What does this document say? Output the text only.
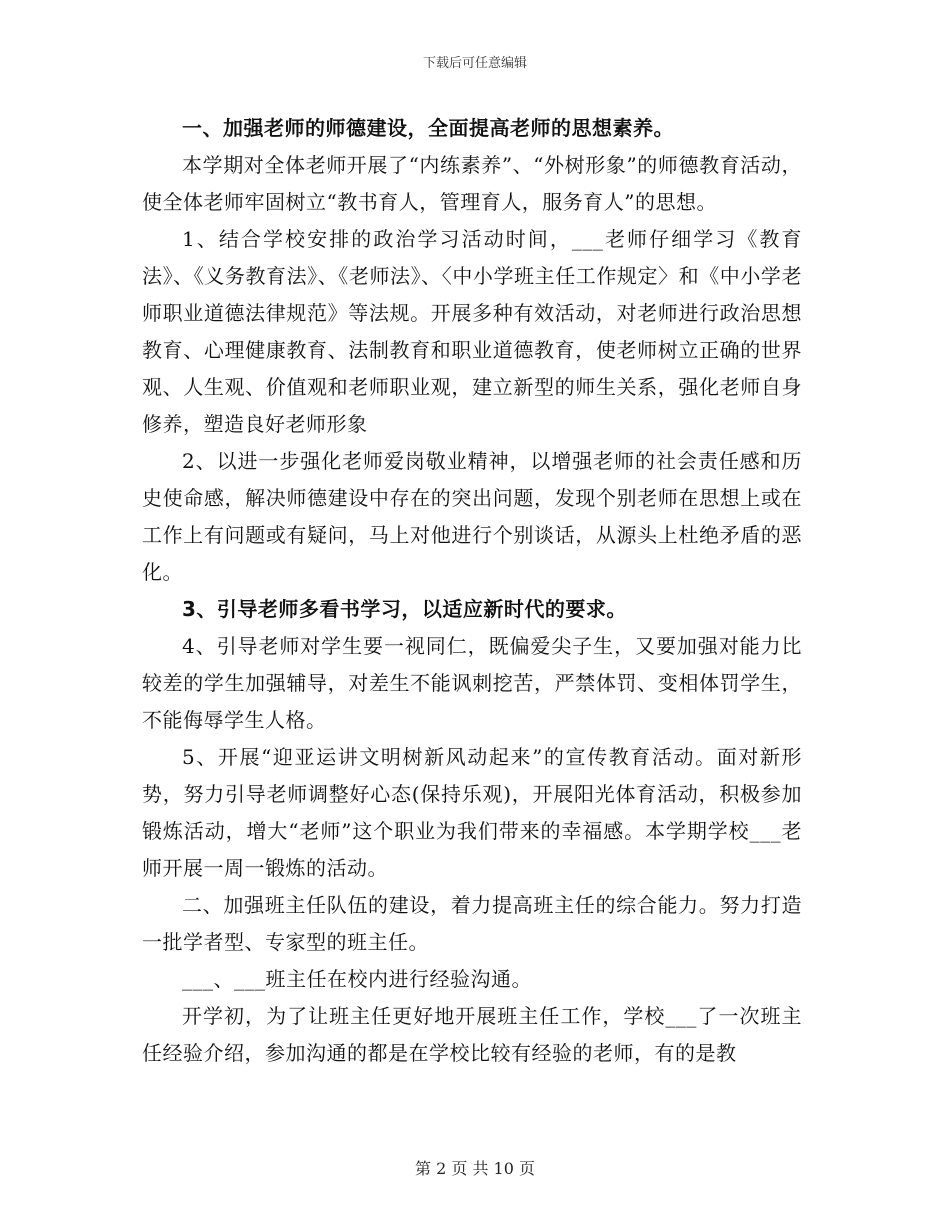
下载后可任意编辑

一、加强老师的师德建设，全面提高老师的思想素养。

本学期对全体老师开展了“内练素养”、“外树形象”的师德教育活动，使全体老师牢固树立“教书育人，管理育人，服务育人”的思想。

1、结合学校安排的政治学习活动时间，___老师仔细学习《教育法》、《义务教育法》、《老师法》、〈中小学班主任工作规定〉和《中小学老师职业道德法律规范》等法规。开展多种有效活动，对老师进行政治思想教育、心理健康教育、法制教育和职业道德教育，使老师树立正确的世界观、人生观、价值观和老师职业观，建立新型的师生关系，强化老师自身修养，塑造良好老师形象

2、以进一步强化老师爱岗敬业精神，以增强老师的社会责任感和历史使命感，解决师德建设中存在的突出问题，发现个别老师在思想上或在工作上有问题或有疑问，马上对他进行个别谈话，从源头上杜绝矛盾的恶化。

3、引导老师多看书学习，以适应新时代的要求。

4、引导老师对学生要一视同仁，既偏爱尖子生，又要加强对能力比较差的学生加强辅导，对差生不能讽刺挖苦，严禁体罚、变相体罚学生，不能侮辱学生人格。

5、开展“迎亚运讲文明树新风动起来”的宣传教育活动。面对新形势，努力引导老师调整好心态(保持乐观)，开展阳光体育活动，积极参加锻炼活动，增大“老师”这个职业为我们带来的幸福感。本学期学校___老师开展一周一锻炼的活动。

二、加强班主任队伍的建设，着力提高班主任的综合能力。努力打造一批学者型、专家型的班主任。

___、___班主任在校内进行经验沟通。

开学初，为了让班主任更好地开展班主任工作，学校___了一次班主任经验介绍，参加沟通的都是在学校比较有经验的老师，有的是教

第 2 页 共 10 页
